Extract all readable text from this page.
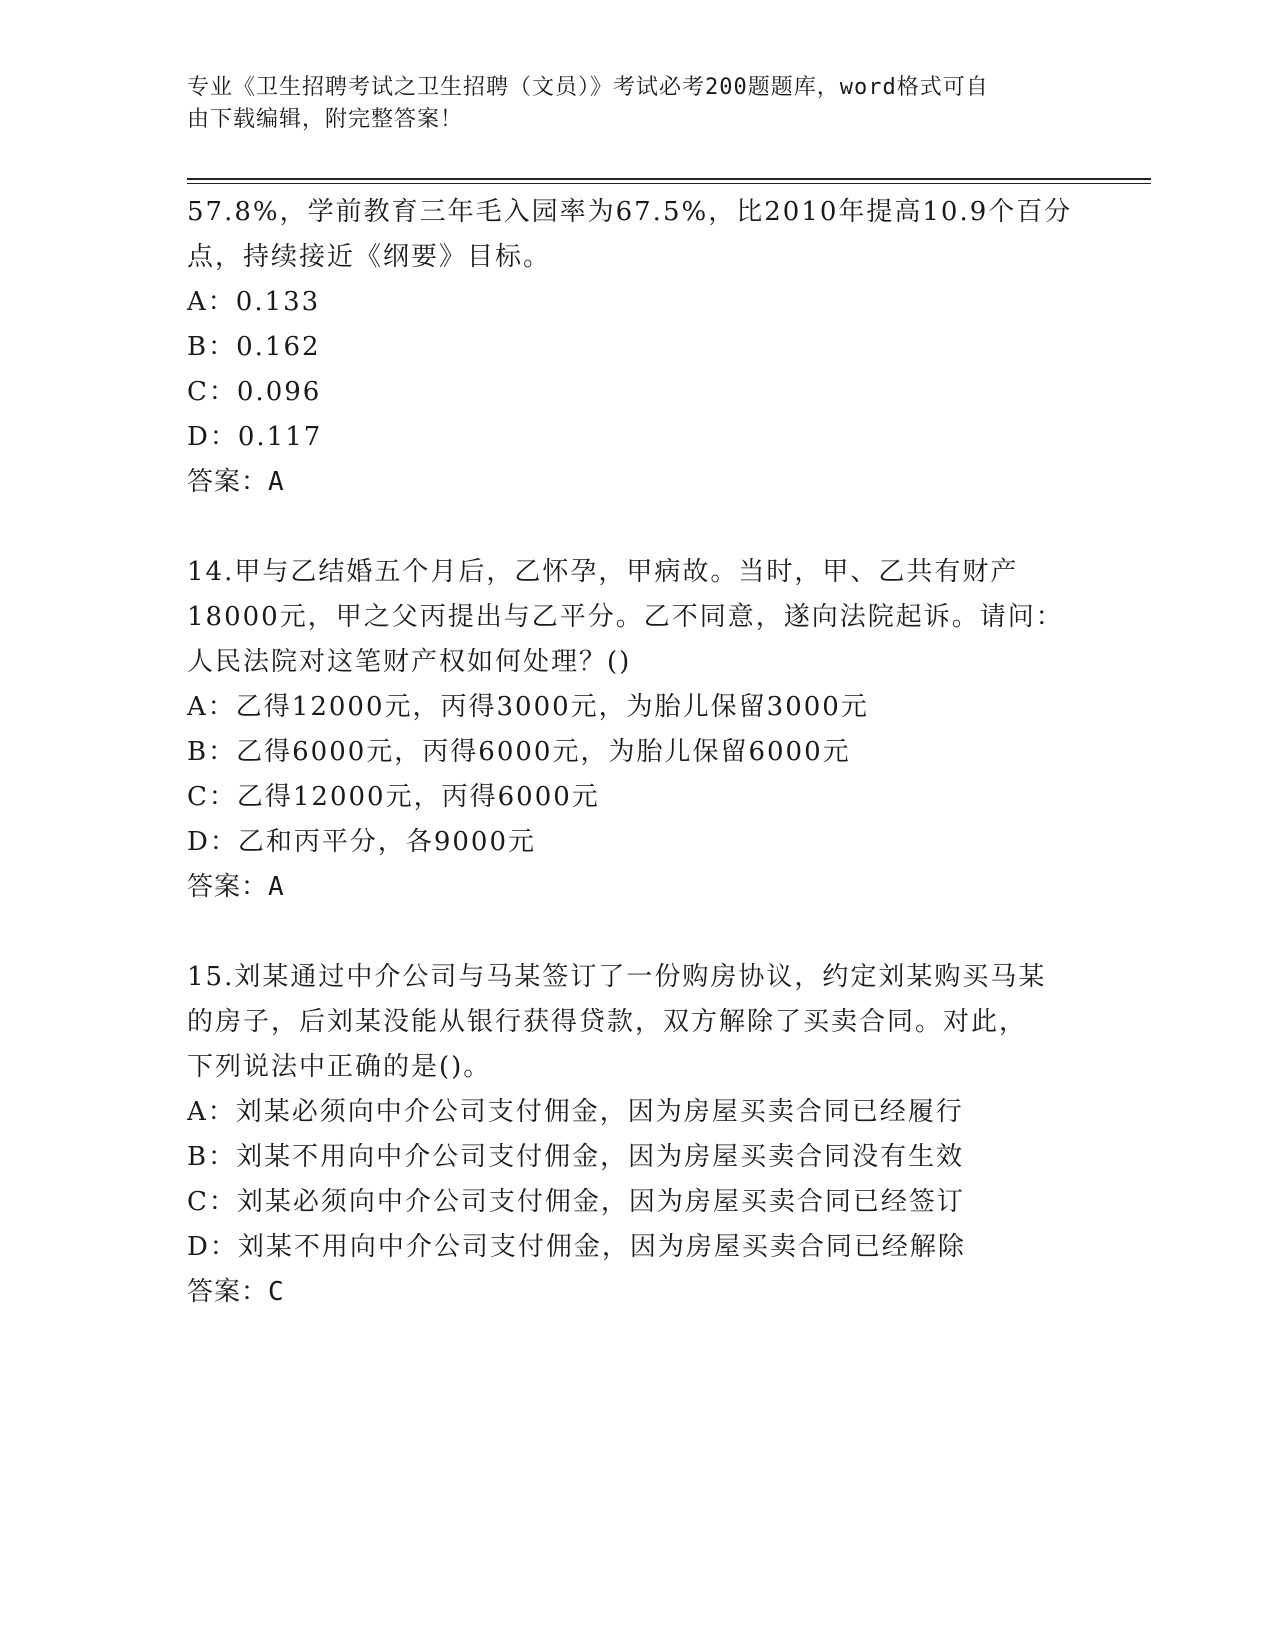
专业《卫生招聘考试之卫生招聘（文员）》考试必考200题题库，word格式可自
由下载编辑，附完整答案！
57.8%，学前教育三年毛入园率为67.5%，比2010年提高10.9个百分
点，持续接近《纲要》目标。
A：0.133
B：0.162
C：0.096
D：0.117
答案：A
14.甲与乙结婚五个月后，乙怀孕，甲病故。当时，甲、乙共有财产
18000元，甲之父丙提出与乙平分。乙不同意，遂向法院起诉。请问：
人民法院对这笔财产权如何处理？()
A：乙得12000元，丙得3000元，为胎儿保留3000元
B：乙得6000元，丙得6000元，为胎儿保留6000元
C：乙得12000元，丙得6000元
D：乙和丙平分，各9000元
答案：A
15.刘某通过中介公司与马某签订了一份购房协议，约定刘某购买马某
的房子，后刘某没能从银行获得贷款，双方解除了买卖合同。对此，
下列说法中正确的是()。
A：刘某必须向中介公司支付佣金，因为房屋买卖合同已经履行
B：刘某不用向中介公司支付佣金，因为房屋买卖合同没有生效
C：刘某必须向中介公司支付佣金，因为房屋买卖合同已经签订
D：刘某不用向中介公司支付佣金，因为房屋买卖合同已经解除
答案：C
